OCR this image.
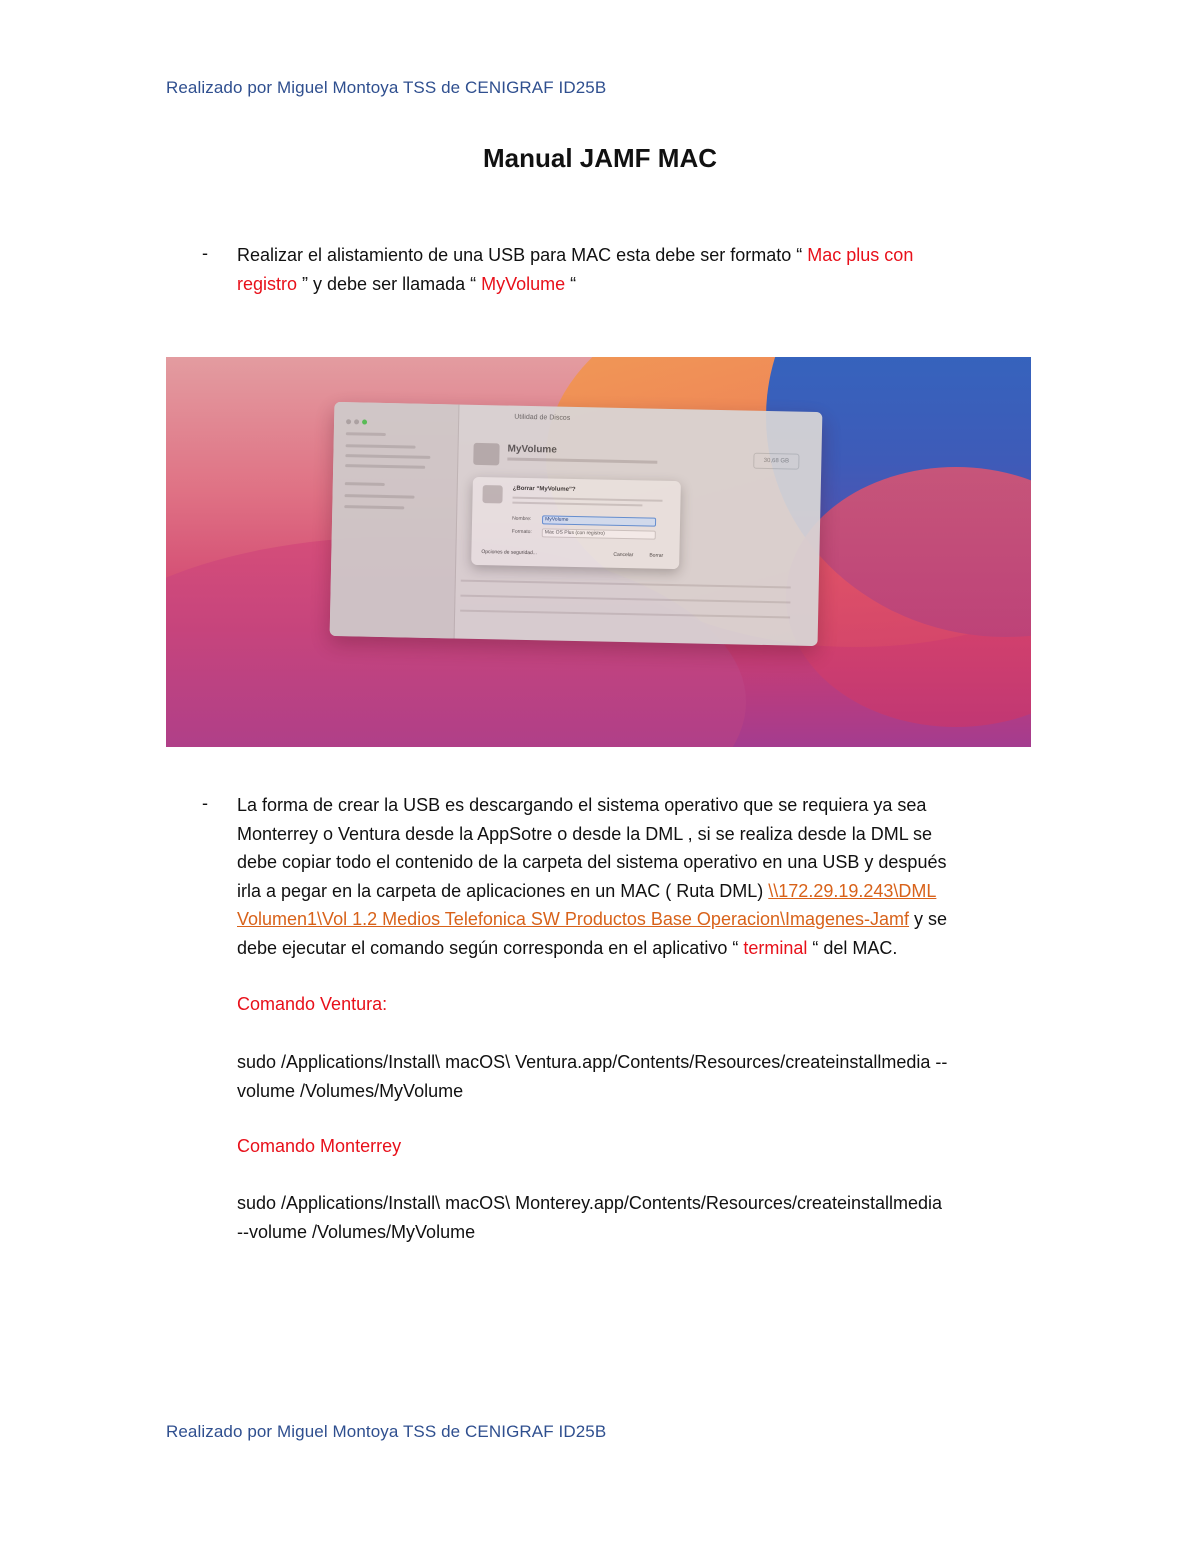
Realizado por Miguel Montoya TSS de CENIGRAF ID25B
Manual JAMF MAC
- Realizar el alistamiento de una USB para MAC esta debe ser formato “ Mac plus con
registro ” y debe ser llamada “ MyVolume “
Utilidad de Discos
MyVolume
30,68 GB
¿Borrar “MyVolume”?
Nombre:	MyVolume
Formato:	Mac OS Plus (con registro)
Opciones de seguridad...	Cancelar	Borrar
- La forma de crear la USB es descargando el sistema operativo que se requiera ya sea
Monterrey o Ventura desde la AppSotre o desde la DML , si se realiza desde la DML se
debe copiar todo el contenido de la carpeta del sistema operativo en una USB y después
irla a pegar en la carpeta de aplicaciones en un MAC ( Ruta DML) \\172.29.19.243\DML
Volumen1\Vol 1.2 Medios Telefonica SW Productos Base Operacion\Imagenes-Jamf y se
debe ejecutar el comando según corresponda en el aplicativo “ terminal “ del MAC.
Comando Ventura:
sudo /Applications/Install\ macOS\ Ventura.app/Contents/Resources/createinstallmedia --
volume /Volumes/MyVolume
Comando Monterrey
sudo /Applications/Install\ macOS\ Monterey.app/Contents/Resources/createinstallmedia
--volume /Volumes/MyVolume
Realizado por Miguel Montoya TSS de CENIGRAF ID25B
